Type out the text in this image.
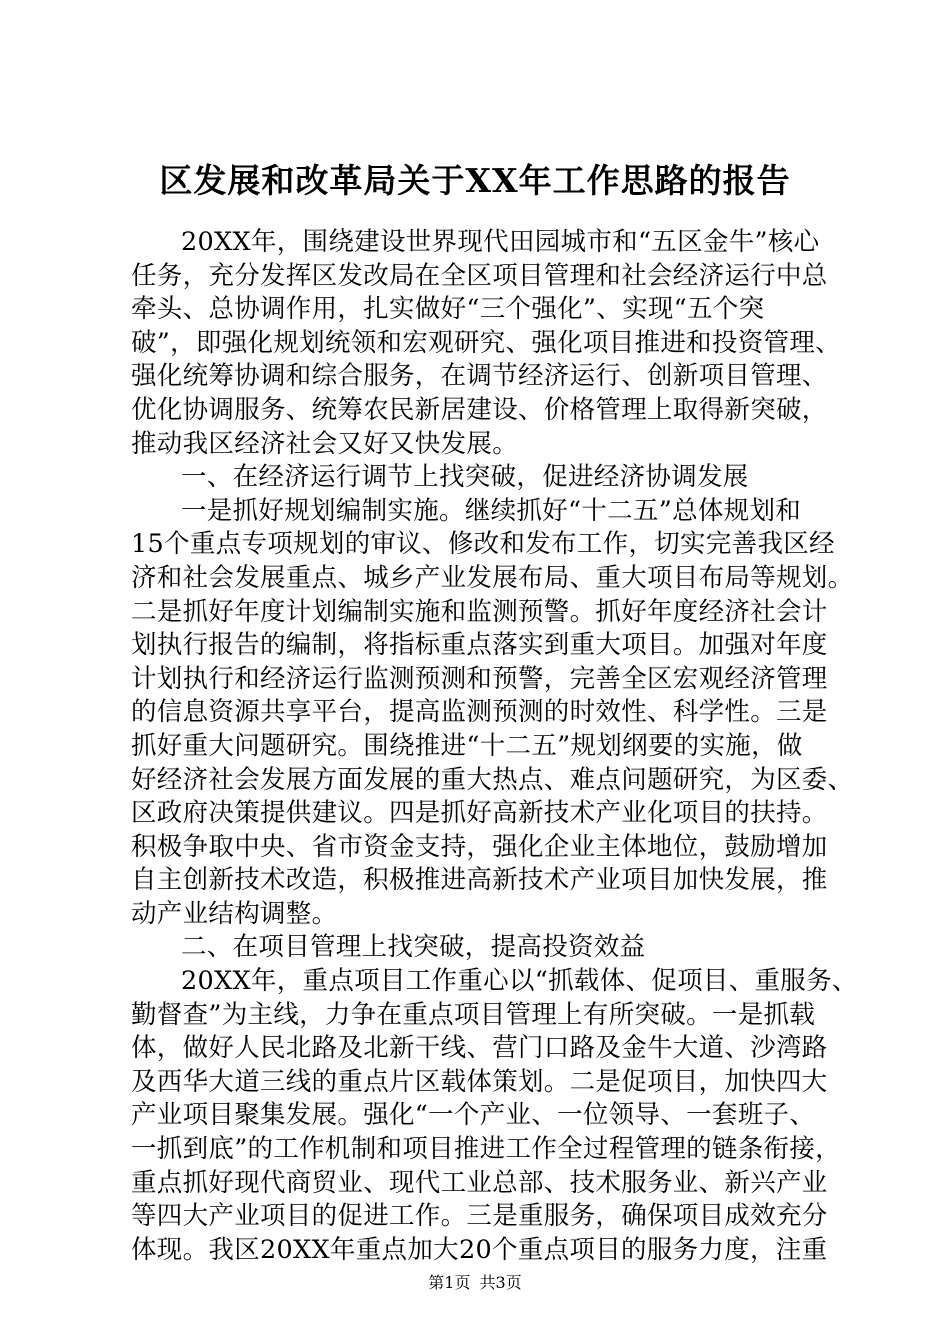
区发展和改革局关于XX年工作思路的报告
20XX年，围绕建设世界现代田园城市和“五区金牛”核心
任务，充分发挥区发改局在全区项目管理和社会经济运行中总
牵头、总协调作用，扎实做好“三个强化”、实现“五个突
破”，即强化规划统领和宏观研究、强化项目推进和投资管理、
强化统筹协调和综合服务，在调节经济运行、创新项目管理、
优化协调服务、统筹农民新居建设、价格管理上取得新突破，
推动我区经济社会又好又快发展。
一、在经济运行调节上找突破，促进经济协调发展
一是抓好规划编制实施。继续抓好“十二五”总体规划和
15个重点专项规划的审议、修改和发布工作，切实完善我区经
济和社会发展重点、城乡产业发展布局、重大项目布局等规划。
二是抓好年度计划编制实施和监测预警。抓好年度经济社会计
划执行报告的编制，将指标重点落实到重大项目。加强对年度
计划执行和经济运行监测预测和预警，完善全区宏观经济管理
的信息资源共享平台，提高监测预测的时效性、科学性。三是
抓好重大问题研究。围绕推进“十二五”规划纲要的实施，做
好经济社会发展方面发展的重大热点、难点问题研究，为区委、
区政府决策提供建议。四是抓好高新技术产业化项目的扶持。
积极争取中央、省市资金支持，强化企业主体地位，鼓励增加
自主创新技术改造，积极推进高新技术产业项目加快发展，推
动产业结构调整。
二、在项目管理上找突破，提高投资效益
20XX年，重点项目工作重心以“抓载体、促项目、重服务、
勤督查”为主线，力争在重点项目管理上有所突破。一是抓载
体，做好人民北路及北新干线、营门口路及金牛大道、沙湾路
及西华大道三线的重点片区载体策划。二是促项目，加快四大
产业项目聚集发展。强化“一个产业、一位领导、一套班子、
一抓到底”的工作机制和项目推进工作全过程管理的链条衔接，
重点抓好现代商贸业、现代工业总部、技术服务业、新兴产业
等四大产业项目的促进工作。三是重服务，确保项目成效充分
体现。我区20XX年重点加大20个重点项目的服务力度，注重
第1页 共3页
